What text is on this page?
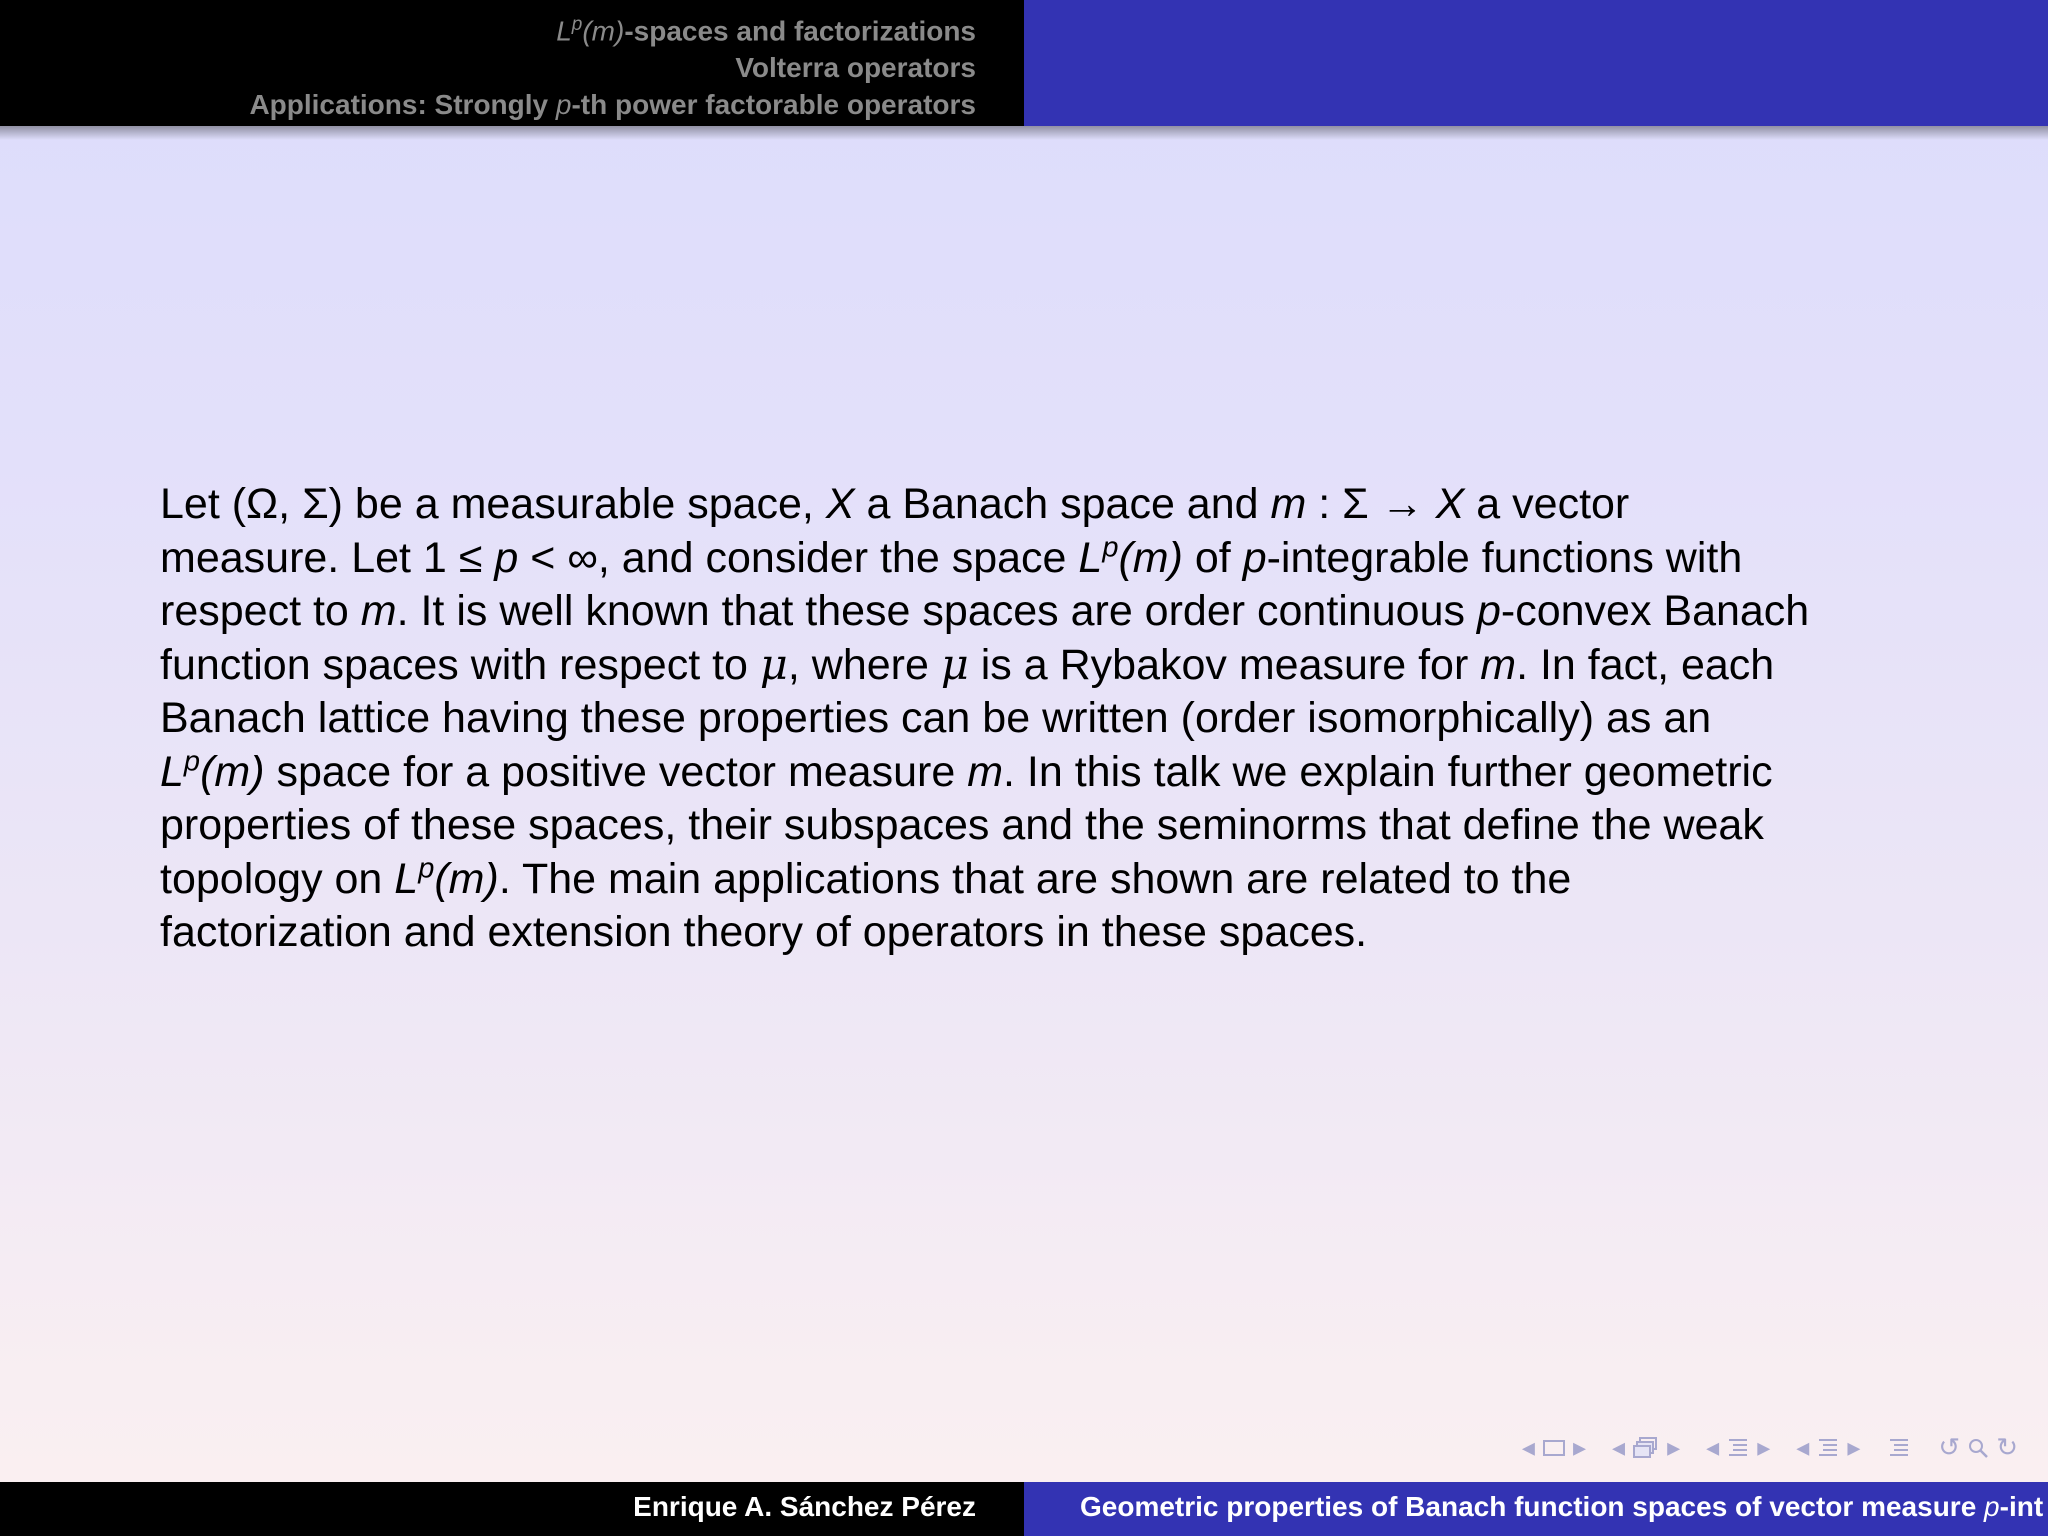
$L^p(m)$-spaces and factorizations
Volterra operators
Applications: Strongly p-th power factorable operators
Let (Ω, Σ) be a measurable space, X a Banach space and m : Σ → X a vector
measure. Let 1 ≤ p < ∞, and consider the space $L^p(m)$ of p-integrable functions with
respect to m. It is well known that these spaces are order continuous p-convex Banach
function spaces with respect to μ, where μ is a Rybakov measure for m. In fact, each
Banach lattice having these properties can be written (order isomorphically) as an
$L^p(m)$ space for a positive vector measure m. In this talk we explain further geometric
properties of these spaces, their subspaces and the seminorms that define the weak
topology on $L^p(m)$. The main applications that are shown are related to the
factorization and extension theory of operators in these spaces.
◂ ▸ ◂ ▸ ◂ ▸ ◂ ▸	↺ ↻
Enrique A. Sánchez Pérez	Geometric properties of Banach function spaces of vector measure p-int
